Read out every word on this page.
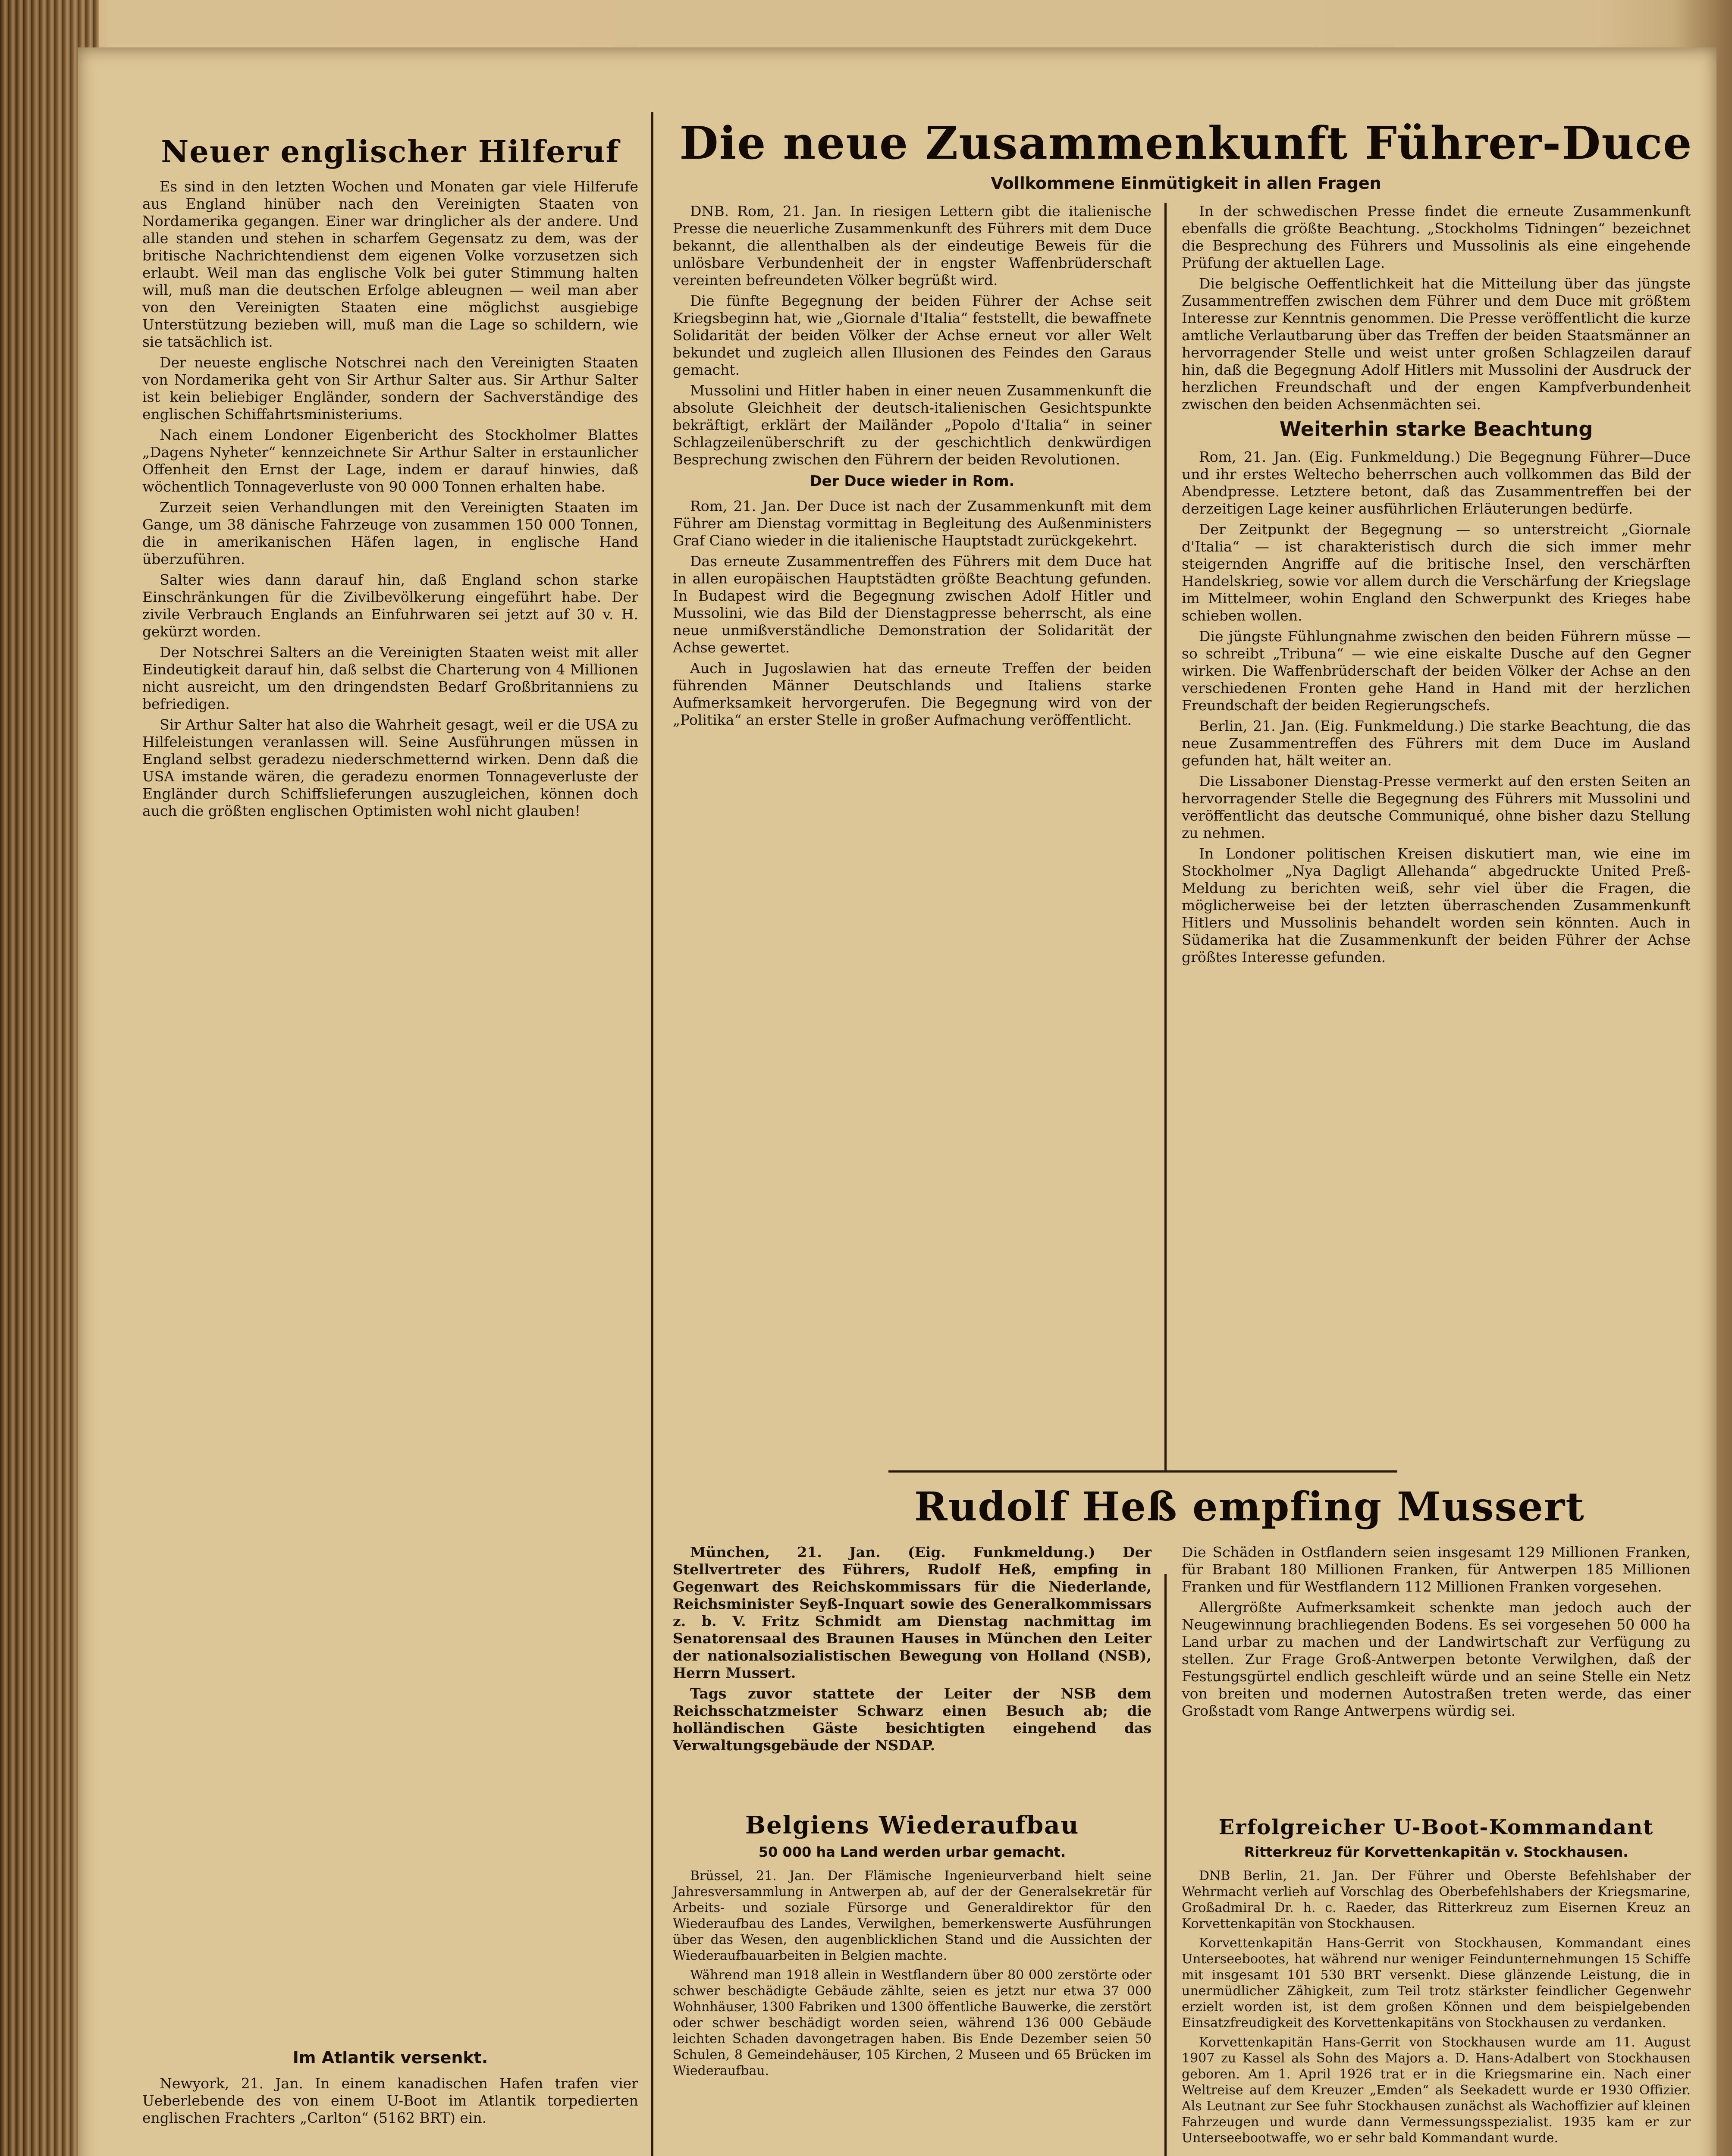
Neuer englischer Hilferuf

Es sind in den letzten Wochen und Monaten gar viele Hilferufe aus England hinüber nach den Vereinigten Staaten von Nordamerika gegangen. Einer war dringlicher als der andere. Und alle standen und stehen in scharfem Gegensatz zu dem, was der britische Nachrichtendienst dem eigenen Volke vorzusetzen sich erlaubt. Weil man das englische Volk bei guter Stimmung halten will, muß man die deutschen Erfolge ableugnen — weil man aber von den Vereinigten Staaten eine möglichst ausgiebige Unterstützung bezieben will, muß man die Lage so schildern, wie sie tatsächlich ist.

Der neueste englische Notschrei nach den Vereinigten Staaten von Nordamerika geht von Sir Arthur Salter aus. Sir Arthur Salter ist kein beliebiger Engländer, sondern der Sachverständige des englischen Schiffahrtsministeriums.

Nach einem Londoner Eigenbericht des Stockholmer Blattes „Dagens Nyheter“ kennzeichnete Sir Arthur Salter in erstaunlicher Offenheit den Ernst der Lage, indem er darauf hinwies, daß wöchentlich Tonnageverluste von 90 000 Tonnen erhalten habe.

Zurzeit seien Verhandlungen mit den Vereinigten Staaten im Gange, um 38 dänische Fahrzeuge von zusammen 150 000 Tonnen, die in amerikanischen Häfen lagen, in englische Hand überzuführen.

Salter wies dann darauf hin, daß England schon starke Einschränkungen für die Zivilbevölkerung eingeführt habe. Der zivile Verbrauch Englands an Einfuhrwaren sei jetzt auf 30 v. H. gekürzt worden.

Der Notschrei Salters an die Vereinigten Staaten weist mit aller Eindeutigkeit darauf hin, daß selbst die Charterung von 4 Millionen nicht ausreicht, um den dringendsten Bedarf Großbritanniens zu befriedigen.

Sir Arthur Salter hat also die Wahrheit gesagt, weil er die USA zu Hilfeleistungen veranlassen will. Seine Ausführungen müssen in England selbst geradezu niederschmetternd wirken. Denn daß die USA imstande wären, die geradezu enormen Tonnageverluste der Engländer durch Schiffslieferungen auszugleichen, können doch auch die größten englischen Optimisten wohl nicht glauben!

Im Atlantik versenkt.

Newyork, 21. Jan. In einem kanadischen Hafen trafen vier Ueberlebende des von einem U-Boot im Atlantik torpedierten englischen Frachters „Carlton“ (5162 BRT) ein.

Die neue Zusammenkunft Führer-Duce
Vollkommene Einmütigkeit in allen Fragen

DNB. Rom, 21. Jan. In riesigen Lettern gibt die italienische Presse die neuerliche Zusammenkunft des Führers mit dem Duce bekannt, die allenthalben als der eindeutige Beweis für die unlösbare Verbundenheit der in engster Waffenbrüderschaft vereinten befreundeten Völker begrüßt wird.

Die fünfte Begegnung der beiden Führer der Achse seit Kriegsbeginn hat, wie „Giornale d'Italia“ feststellt, die bewaffnete Solidarität der beiden Völker der Achse erneut vor aller Welt bekundet und zugleich allen Illusionen des Feindes den Garaus gemacht.

Mussolini und Hitler haben in einer neuen Zusammenkunft die absolute Gleichheit der deutsch-italienischen Gesichtspunkte bekräftigt, erklärt der Mailänder „Popolo d'Italia“ in seiner Schlagzeilenüberschrift zu der geschichtlich denkwürdigen Besprechung zwischen den Führern der beiden Revolutionen.

Der Duce wieder in Rom.

Rom, 21. Jan. Der Duce ist nach der Zusammenkunft mit dem Führer am Dienstag vormittag in Begleitung des Außenministers Graf Ciano wieder in die italienische Hauptstadt zurückgekehrt.

Das erneute Zusammentreffen des Führers mit dem Duce hat in allen europäischen Hauptstädten größte Beachtung gefunden. In Budapest wird die Begegnung zwischen Adolf Hitler und Mussolini, wie das Bild der Dienstagpresse beherrscht, als eine neue unmißverständliche Demonstration der Solidarität der Achse gewertet.

Auch in Jugoslawien hat das erneute Treffen der beiden führenden Männer Deutschlands und Italiens starke Aufmerksamkeit hervorgerufen. Die Begegnung wird von der „Politika“ an erster Stelle in großer Aufmachung veröffentlicht.

In der schwedischen Presse findet die erneute Zusammenkunft ebenfalls die größte Beachtung. „Stockholms Tidningen“ bezeichnet die Besprechung des Führers und Mussolinis als eine eingehende Prüfung der aktuellen Lage.

Die belgische Oeffentlichkeit hat die Mitteilung über das jüngste Zusammentreffen zwischen dem Führer und dem Duce mit größtem Interesse zur Kenntnis genommen. Die Presse veröffentlicht die kurze amtliche Verlautbarung über das Treffen der beiden Staatsmänner an hervorragender Stelle und weist unter großen Schlagzeilen darauf hin, daß die Begegnung Adolf Hitlers mit Mussolini der Ausdruck der herzlichen Freundschaft und der engen Kampfverbundenheit zwischen den beiden Achsenmächten sei.

Weiterhin starke Beachtung

Rom, 21. Jan. (Eig. Funkmeldung.) Die Begegnung Führer—Duce und ihr erstes Weltecho beherrschen auch vollkommen das Bild der Abendpresse. Letztere betont, daß das Zusammentreffen bei der derzeitigen Lage keiner ausführlichen Erläuterungen bedürfe.

Der Zeitpunkt der Begegnung — so unterstreicht „Giornale d'Italia“ — ist charakteristisch durch die sich immer mehr steigernden Angriffe auf die britische Insel, den verschärften Handelskrieg, sowie vor allem durch die Verschärfung der Kriegslage im Mittelmeer, wohin England den Schwerpunkt des Krieges habe schieben wollen.

Die jüngste Fühlungnahme zwischen den beiden Führern müsse — so schreibt „Tribuna“ — wie eine eiskalte Dusche auf den Gegner wirken. Die Waffenbrüderschaft der beiden Völker der Achse an den verschiedenen Fronten gehe Hand in Hand mit der herzlichen Freundschaft der beiden Regierungschefs.

Berlin, 21. Jan. (Eig. Funkmeldung.) Die starke Beachtung, die das neue Zusammentreffen des Führers mit dem Duce im Ausland gefunden hat, hält weiter an.

Die Lissaboner Dienstag-Presse vermerkt auf den ersten Seiten an hervorragender Stelle die Begegnung des Führers mit Mussolini und veröffentlicht das deutsche Communiqué, ohne bisher dazu Stellung zu nehmen.

In Londoner politischen Kreisen diskutiert man, wie eine im Stockholmer „Nya Dagligt Allehanda“ abgedruckte United Preß-Meldung zu berichten weiß, sehr viel über die Fragen, die möglicherweise bei der letzten überraschenden Zusammenkunft Hitlers und Mussolinis behandelt worden sein könnten. Auch in Südamerika hat die Zusammenkunft der beiden Führer der Achse größtes Interesse gefunden.

Rudolf Heß empfing Mussert

München, 21. Jan. (Eig. Funkmeldung.) Der Stellvertreter des Führers, Rudolf Heß, empfing in Gegenwart des Reichskommissars für die Niederlande, Reichsminister Seyß-Inquart sowie des Generalkommissars z. b. V. Fritz Schmidt am Dienstag nachmittag im Senatorensaal des Braunen Hauses in München den Leiter der nationalsozialistischen Bewegung von Holland (NSB), Herrn Mussert.

Tags zuvor stattete der Leiter der NSB dem Reichsschatzmeister Schwarz einen Besuch ab; die holländischen Gäste besichtigten eingehend das Verwaltungsgebäude der NSDAP.

Belgiens Wiederaufbau
50 000 ha Land werden urbar gemacht.

Brüssel, 21. Jan. Der Flämische Ingenieurverband hielt seine Jahresversammlung in Antwerpen ab, auf der der Generalsekretär für Arbeits- und soziale Fürsorge und Generaldirektor für den Wiederaufbau des Landes, Verwilghen, bemerkenswerte Ausführungen über das Wesen, den augenblicklichen Stand und die Aussichten der Wiederaufbauarbeiten in Belgien machte.

Während man 1918 allein in Westflandern über 80 000 zerstörte oder schwer beschädigte Gebäude zählte, seien es jetzt nur etwa 37 000 Wohnhäuser, 1300 Fabriken und 1300 öffentliche Bauwerke, die zerstört oder schwer beschädigt worden seien, während 136 000 Gebäude leichten Schaden davongetragen haben. Bis Ende Dezember seien 50 Schulen, 8 Gemeindehäuser, 105 Kirchen, 2 Museen und 65 Brücken im Wiederaufbau.

Die Schäden in Ostflandern seien insgesamt 129 Millionen Franken, für Brabant 180 Millionen Franken, für Antwerpen 185 Millionen Franken und für Westflandern 112 Millionen Franken vorgesehen.

Allergrößte Aufmerksamkeit schenkte man jedoch auch der Neugewinnung brachliegenden Bodens. Es sei vorgesehen 50 000 ha Land urbar zu machen und der Landwirtschaft zur Verfügung zu stellen. Zur Frage Groß-Antwerpen betonte Verwilghen, daß der Festungsgürtel endlich geschleift würde und an seine Stelle ein Netz von breiten und modernen Autostraßen treten werde, das einer Großstadt vom Range Antwerpens würdig sei.

Erfolgreicher U-Boot-Kommandant
Ritterkreuz für Korvettenkapitän v. Stockhausen.

DNB Berlin, 21. Jan. Der Führer und Oberste Befehlshaber der Wehrmacht verlieh auf Vorschlag des Oberbefehlshabers der Kriegsmarine, Großadmiral Dr. h. c. Raeder, das Ritterkreuz zum Eisernen Kreuz an Korvettenkapitän von Stockhausen.

Korvettenkapitän Hans-Gerrit von Stockhausen, Kommandant eines Unterseebootes, hat während nur weniger Feindunternehmungen 15 Schiffe mit insgesamt 101 530 BRT versenkt. Diese glänzende Leistung, die in unermüdlicher Zähigkeit, zum Teil trotz stärkster feindlicher Gegenwehr erzielt worden ist, ist dem großen Können und dem beispielgebenden Einsatzfreudigkeit des Korvettenkapitäns von Stockhausen zu verdanken.

Korvettenkapitän Hans-Gerrit von Stockhausen wurde am 11. August 1907 zu Kassel als Sohn des Majors a. D. Hans-Adalbert von Stockhausen geboren. Am 1. April 1926 trat er in die Kriegsmarine ein. Nach einer Weltreise auf dem Kreuzer „Emden“ als Seekadett wurde er 1930 Offizier. Als Leutnant zur See fuhr Stockhausen zunächst als Wachoffizier auf kleinen Fahrzeugen und wurde dann Vermessungsspezialist. 1935 kam er zur Unterseebootwaffe, wo er sehr bald Kommandant wurde.
